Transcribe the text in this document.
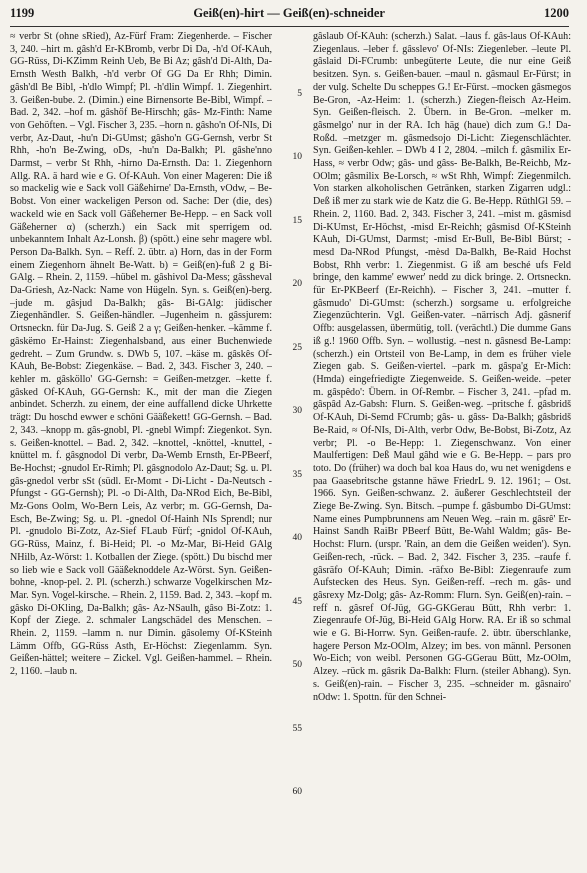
1199	Geiß(en)-hirt — Geiß(en)-schneider	1200

≈ verbr St (ohne sRied), Az-Fürf Fram: Ziegenherde. – Fischer 3, 240. –hirt m. gâsh'd Er-KBromb, verbr Di Da, -h'd Of-KAuh, GG-Rüss, Di-KZimm Reinh Ueb, Be Bi Az; gâsh'd Di-Alth, Da-Ernsth Westh Balkh, -h'd verbr Of GG Da Er Rhh; Dimin. gâsh'dl Be Bibl, -h'dlo Wimpf; Pl. -h'dlin Wimpf. 1. Ziegenhirt. 3. Geißen-bube. 2. (Dimin.) eine Birnensorte Be-Bibl, Wimpf. – Bad. 2, 342. –hof m. gâshöf Be-Hirschh; gâs- Mz-Finth: Name von Gehöften. – Vgl. Fischer 3, 235. –horn n. gâsho'n Of-NIs, Di verbr, Az-Daut, -hu'n Di-GUmst; gâsho'n GG-Gernsh, verbr St Rhh, -ho'n Be-Zwing, oDs, -hu'n Da-Balkh; Pl. gâshe'nno Darmst, – verbr St Rhh, -hirno Da-Ernsth. Da: 1. Ziegenhorn Allg. RA. ä hard wie e G. Of-KAuh. Von einer Mageren: Die iß so mackelig wie e Sack voll Gäßehirne' Da-Ernsth, vOdw, – Be-Bobst. Von einer wackeligen Person od. Sache: Der (die, des) wackeld wie en Sack voll Gäßeherner Be-Hepp. – en Sack voll Gäßeherner α) (scherzh.) ein Sack mit sperrigem od. unbekanntem Inhalt Az-Lonsh. β) (spött.) eine sehr magere wbl. Person Da-Balkh. Syn. – Reff. 2. übtr. a) Horn, das in der Form einem Ziegenhorn ähnelt Be-Watt. b) = Geiß(en)-fuß 2 g Bi-GAlg. – Rhein. 2, 1159. –hübel m. gâshivol Da-Mess; gâssheval Da-Griesh, Az-Nack: Name von Hügeln. Syn. s. Geiß(en)-berg. –jude m. gâsjud Da-Balkh; gâs- Bi-GAlg: jüdischer Ziegenhändler. S. Geißen-händler. –Jugenheim n. gâssjurem: Ortsneckn. für Da-Jug. S. Geiß 2 a γ; Geißen-henker. –kämme f. gâskëmo Er-Hainst: Ziegenhalsband, aus einer Buchenwiede gedreht. – Zum Grundw. s. DWb 5, 107. –käse m. gâskês Of-KAuh, Be-Bobst: Ziegenkäse. – Bad. 2, 343. Fischer 3, 240. –kehler m. gâsköllo' GG-Gernsh: = Geißen-metzger. –kette f. gâsked Of-KAuh, GG-Gernsh: K., mit der man die Ziegen anbindet. Scherzh. zu einem, der eine auffallend dicke Uhrkette trägt: Du hoschd ewwer e schöni Gääßekett! GG-Gernsh. – Bad. 2, 343. –knopp m. gâs-gnobl, Pl. -gnebl Wimpf: Ziegenkot. Syn. s. Geißen-knottel. – Bad. 2, 342. –knottel, -knöttel, -knuttel, -knüttel m. f. gâsgnodol Di verbr, Da-Wemb Ernsth, Er-PBeerf, Be-Hochst; -gnudol Er-Rimh; Pl. gâsgnodolo Az-Daut; Sg. u. Pl. gâs-gnedol verbr sSt (südl. Er-Momt - Di-Licht - Da-Neutsch - Pfungst - GG-Gernsh); Pl. -o Di-Alth, Da-NRod Eich, Be-Bibl, Mz-Gons Oolm, Wo-Bern Leis, Az verbr; m. GG-Gernsh, Da-Esch, Be-Zwing; Sg. u. Pl. -gnedol Of-Hainh NIs Sprendl; nur Pl. -gnudolo Bi-Zotz, Az-Sief FLaub Fürf; -gnidol Of-KAuh, GG-Rüss, Mainz, f. Bi-Heid; Pl. -o Mz-Mar, Bi-Heid GAlg NHilb, Az-Wörst: 1. Kotballen der Ziege. (spött.) Du bischd mer so lieb wie e Sack voll Gääßeknoddele Az-Wörst. Syn. Geißen-bohne, -knop-pel. 2. Pl. (scherzh.) schwarze Vogelkirschen Mz-Mar. Syn. Vogel-kirsche. – Rhein. 2, 1159. Bad. 2, 343. –kopf m. gâsko Di-OKling, Da-Balkh; gâs- Az-NSaulh, gâso Bi-Zotz: 1. Kopf der Ziege. 2. schmaler Langschädel des Menschen. – Rhein. 2, 1159. –lamm n. nur Dimin. gâsolemy Of-KSteinh Lämm Offb, GG-Rüss Asth, Er-Höchst: Ziegenlamm. Syn. Geißen-hättel; weitere – Zickel. Vgl. Geißen-hammel. – Rhein. 2, 1160. –laub n.

5
10
15
20
25
30
35
40
45
50
55
60

gâslaub Of-KAuh: (scherzh.) Salat. –laus f. gâs-laus Of-KAuh: Ziegenlaus. –leber f. gâsslevo' Of-NIs: Ziegenleber. –leute Pl. gâslaid Di-FCrumb: unbegüterte Leute, die nur eine Geiß besitzen. Syn. s. Geißen-bauer. –maul n. gâsmaul Er-Fürst; in der vulg. Schelte Du scheppes G.! Er-Fürst. –mocken gâsmegos Be-Gron, -Az-Heim: 1. (scherzh.) Ziegen-fleisch Az-Heim. Syn. Geißen-fleisch. 2. Übern. in Be-Gron. –melker m. gâsmelgo' nur in der RA. Ich häg (haue) dich zum G.! Da-Roßd. –metzger m. gâsmedsojo Di-Licht: Ziegenschlächter. Syn. Geißen-kehler. – DWb 4 I 2, 2804. –milch f. gâsmilix Er-Hass, ≈ verbr Odw; gâs- und gâss- Be-Balkh, Be-Reichb, Mz-OOlm; gâsmilix Be-Lorsch, ≈ wSt Rhh, Wimpf: Ziegenmilch. Von starken alkoholischen Getränken, starken Zigarren udgl.: Deß iß mer zu stark wie de Katz die G. Be-Hepp. RüthlGl 59. – Rhein. 2, 1160. Bad. 2, 343. Fischer 3, 241. –mist m. gâsmisd Di-KUmst, Er-Höchst, -misd Er-Reichh; gâsmisd Of-KSteinh KAuh, Di-GUmst, Darmst; -misd Er-Bull, Be-Bibl Bürst; -mesd Da-NRod Pfungst, -mèsd Da-Balkh, Be-Raid Hochst Bobst, Rhh verbr: 1. Ziegenmist. G iß am besché ufs Feld bringe, den kamme' ewwer' nedd zu dick bringe. 2. Ortsneckn. für Er-PKBeerf (Er-Reichh). – Fischer 3, 241. –mutter f. gâsmudo' Di-GUmst: (scherzh.) sorgsame u. erfolgreiche Ziegenzüchterin. Vgl. Geißen-vater. –närrisch Adj. gâsnerif Offb: ausgelassen, übermütig, toll. (verächtl.) Die dumme Gans iß g.! 1960 Offb. Syn. – wollustig. –nest n. gâsnesd Be-Lamp: (scherzh.) ein Ortsteil von Be-Lamp, in dem es früher viele Ziegen gab. S. Geißen-viertel. –park m. gâspa'g Er-Mich: (Hmda) eingefriedigte Ziegenweide. S. Geißen-weide. –peter m. gâspêdo': Übern. in Of-Rembr. – Fischer 3, 241. –pfad m. gâspâd Az-Gabsh: Flurn. S. Geißen-weg. –pritsche f. gâsbridš Of-KAuh, Di-Semd FCrumb; gâs- u. gâss- Da-Balkh; gâsbridš Be-Raid, ≈ Of-NIs, Di-Alth, verbr Odw, Be-Bobst, Bi-Zotz, Az verbr; Pl. -o Be-Hepp: 1. Ziegenschwanz. Von einer Maulfertigen: Deß Maul gâhd wie e G. Be-Hepp. – pars pro toto. Do (früher) wa doch bal koa Haus do, wu net wenigdens e paa Gaasebritsche gstanne häwe FriedrL 9. 12. 1961; – Ost. 1966. Syn. Geißen-schwanz. 2. äußerer Geschlechtsteil der Ziege Be-Zwing. Syn. Bitsch. –pumpe f. gâsbumbo Di-GUmst: Name eines Pumpbrunnens am Neuen Weg. –rain m. gâsrê' Er-Hainst Sandh RaiBr PBeerf Bütt, Be-Wahl Waldm; gâs- Be-Hochst: Flurn. (urspr. 'Rain, an dem die Geißen weiden'). Syn. Geißen-rech, -rück. – Bad. 2, 342. Fischer 3, 235. –raufe f. gâsräfo Of-KAuh; Dimin. -räfxo Be-Bibl: Ziegenraufe zum Aufstecken des Heus. Syn. Geißen-reff. –rech m. gâs- und gâsrexy Mz-Dolg; gâs- Az-Romm: Flurn. Syn. Geiß(en)-rain. –reff n. gâsref Of-Jüg, GG-GKGerau Bütt, Rhh verbr: 1. Ziegenraufe Of-Jüg, Bi-Heid GAlg Horw. RA. Er iß so schmal wie e G. Bi-Horrw. Syn. Geißen-raufe. 2. übtr. überschlanke, hagere Person Mz-OOlm, Alzey; im bes. von männl. Personen Wo-Eich; von weibl. Personen GG-GGerau Bütt, Mz-OOlm, Alzey. –rück m. gâsrik Da-Balkh: Flurn. (steiler Abhang). Syn. s. Geiß(en)-rain. – Fischer 3, 235. –schneider m. gâsnairo' nOdw: 1. Spottn. für den Schnei-
